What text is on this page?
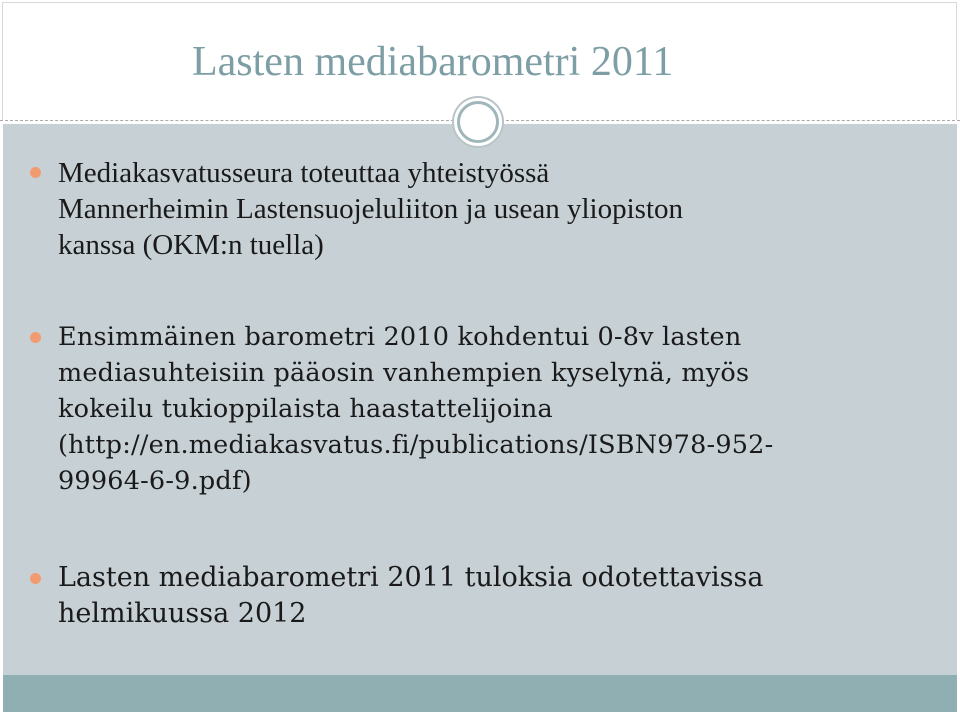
Lasten mediabarometri 2011

Mediakasvatusseura toteuttaa yhteistyössä
Mannerheimin Lastensuojeluliiton ja usean yliopiston
kanssa (OKM:n tuella)

Ensimmäinen barometri 2010 kohdentui 0-8v lasten
mediasuhteisiin pääosin vanhempien kyselynä, myös
kokeilu tukioppilaista haastattelijoina
(http://en.mediakasvatus.fi/publications/ISBN978-952-
99964-6-9.pdf)

Lasten mediabarometri 2011 tuloksia odotettavissa
helmikuussa 2012
